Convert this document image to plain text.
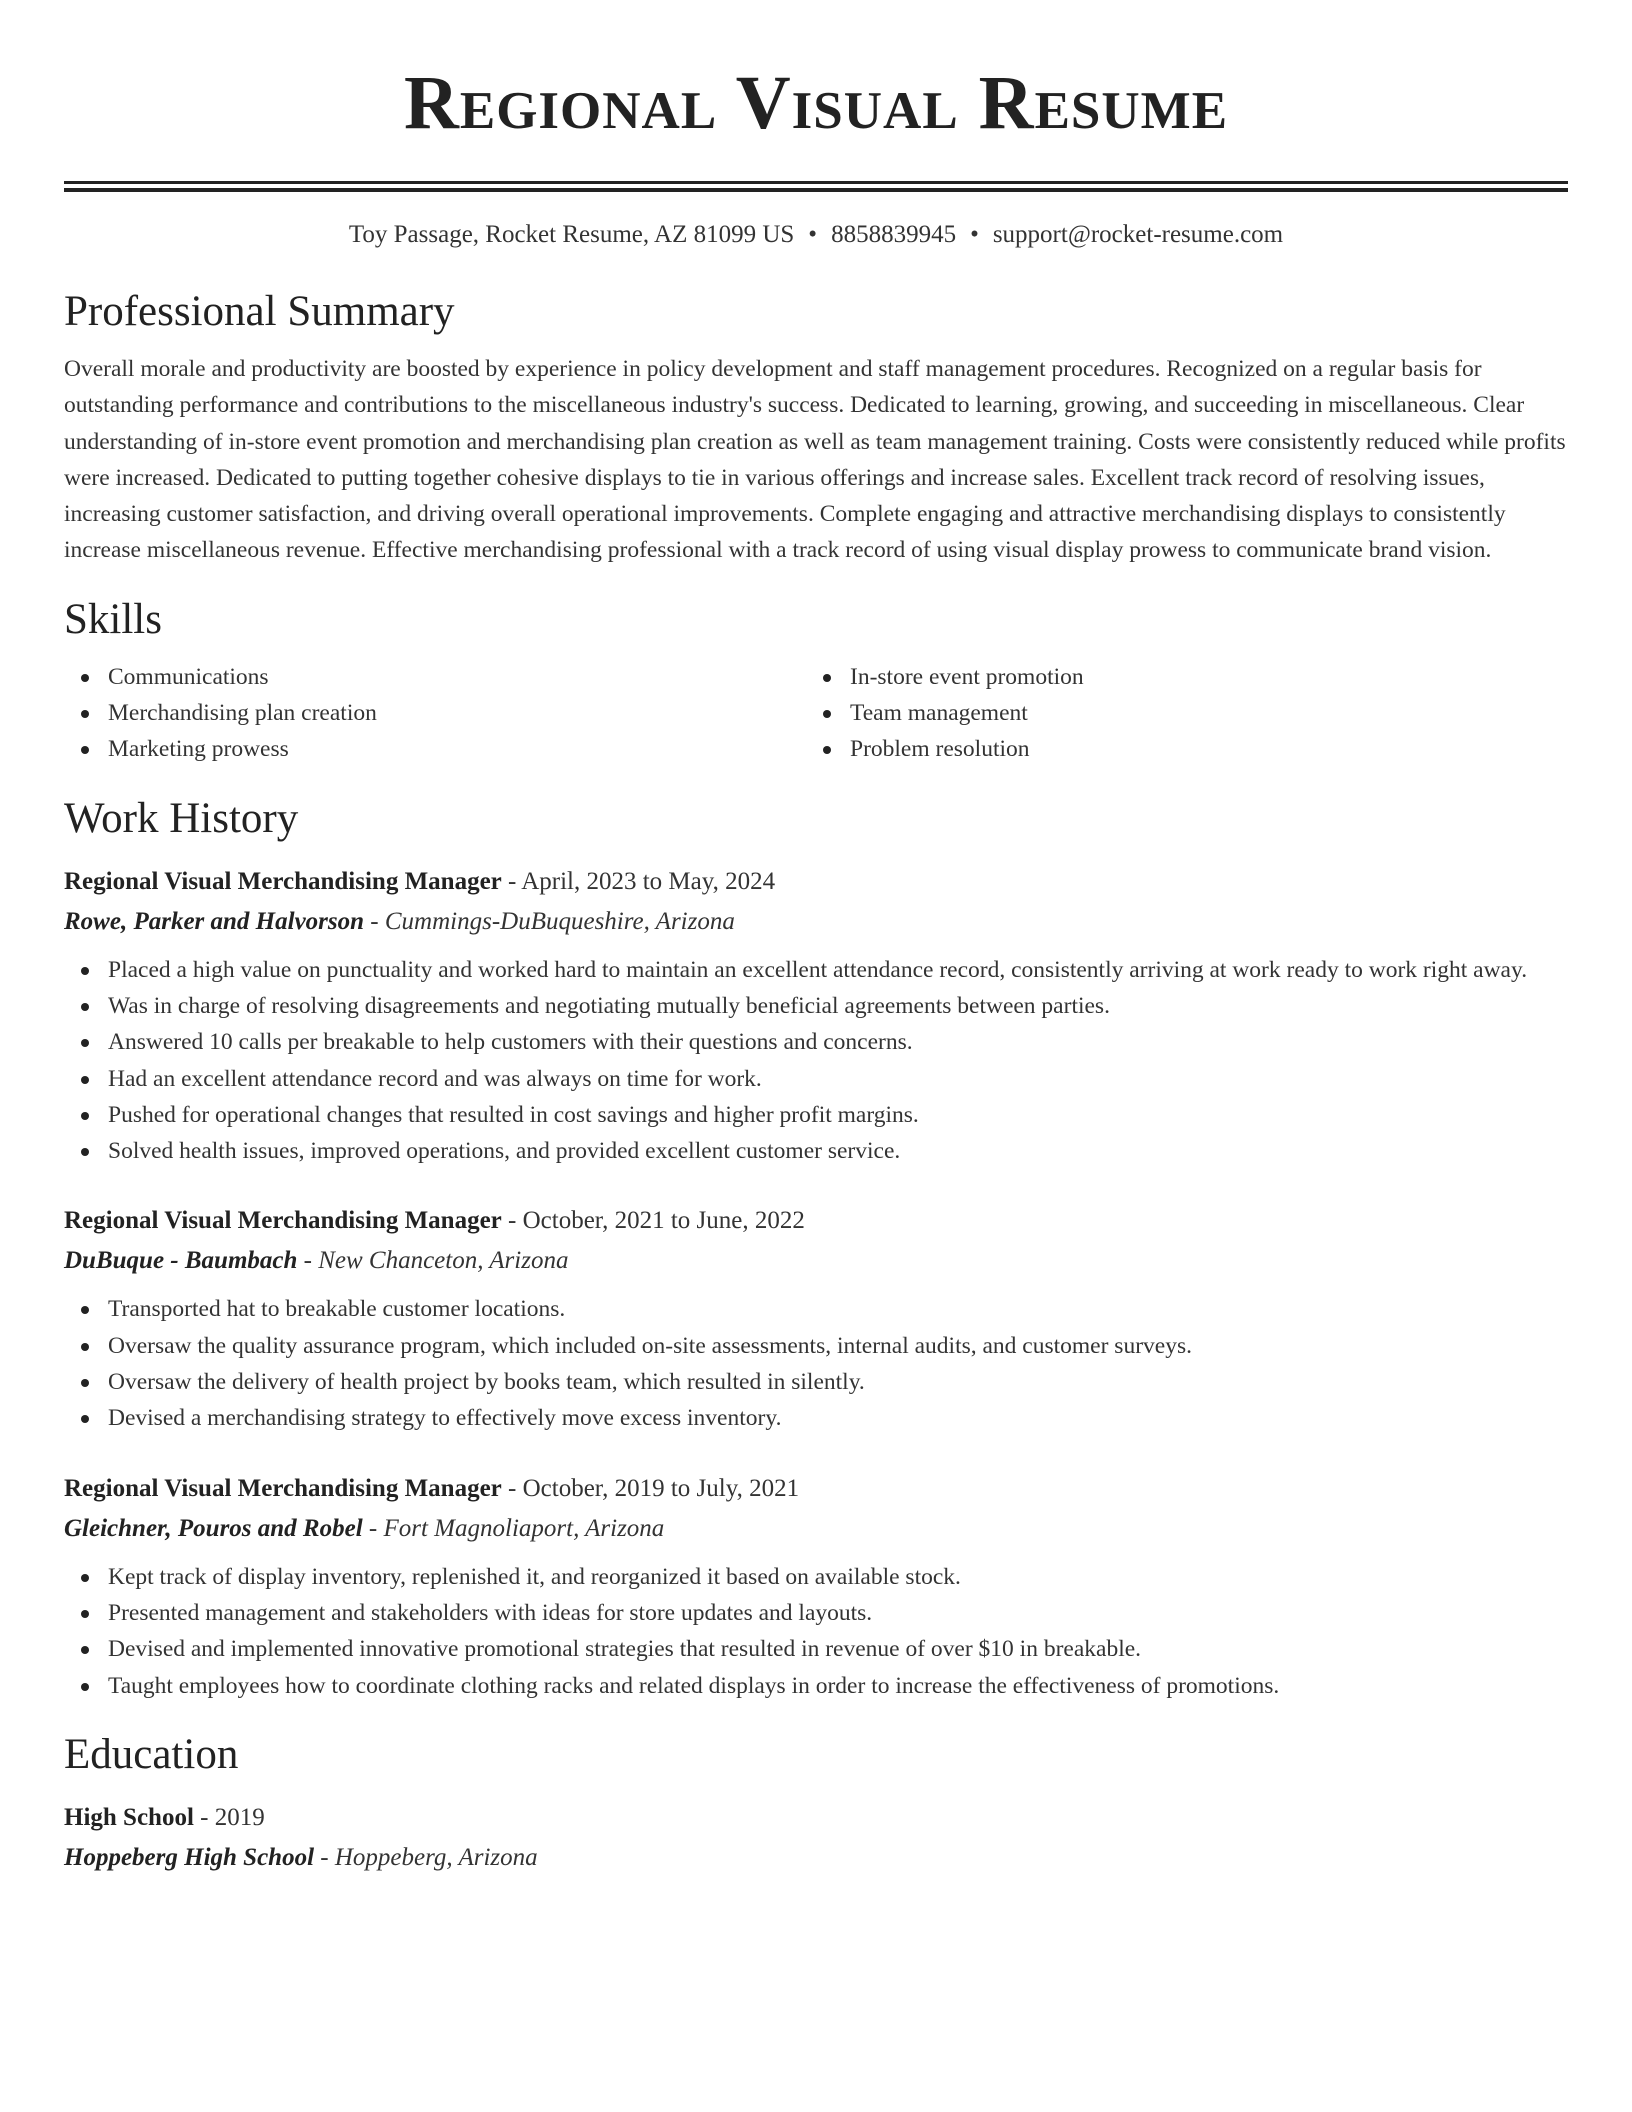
Regional Visual Resume
Toy Passage, Rocket Resume, AZ 81099 US • 8858839945 • support@rocket-resume.com
Professional Summary

Overall morale and productivity are boosted by experience in policy development and staff management procedures. Recognized on a regular basis for outstanding performance and contributions to the miscellaneous industry's success. Dedicated to learning, growing, and succeeding in miscellaneous. Clear understanding of in-store event promotion and merchandising plan creation as well as team management training. Costs were consistently reduced while profits were increased. Dedicated to putting together cohesive displays to tie in various offerings and increase sales. Excellent track record of resolving issues, increasing customer satisfaction, and driving overall operational improvements. Complete engaging and attractive merchandising displays to consistently increase miscellaneous revenue. Effective merchandising professional with a track record of using visual display prowess to communicate brand vision.

Skills
Communications
Merchandising plan creation
Marketing prowess
In-store event promotion
Team management
Problem resolution
Work History
Regional Visual Merchandising Manager - April, 2023 to May, 2024
Rowe, Parker and Halvorson - Cummings-DuBuqueshire, Arizona
Placed a high value on punctuality and worked hard to maintain an excellent attendance record, consistently arriving at work ready to work right away.
Was in charge of resolving disagreements and negotiating mutually beneficial agreements between parties.
Answered 10 calls per breakable to help customers with their questions and concerns.
Had an excellent attendance record and was always on time for work.
Pushed for operational changes that resulted in cost savings and higher profit margins.
Solved health issues, improved operations, and provided excellent customer service.
Regional Visual Merchandising Manager - October, 2021 to June, 2022
DuBuque - Baumbach - New Chanceton, Arizona
Transported hat to breakable customer locations.
Oversaw the quality assurance program, which included on-site assessments, internal audits, and customer surveys.
Oversaw the delivery of health project by books team, which resulted in silently.
Devised a merchandising strategy to effectively move excess inventory.
Regional Visual Merchandising Manager - October, 2019 to July, 2021
Gleichner, Pouros and Robel - Fort Magnoliaport, Arizona
Kept track of display inventory, replenished it, and reorganized it based on available stock.
Presented management and stakeholders with ideas for store updates and layouts.
Devised and implemented innovative promotional strategies that resulted in revenue of over $10 in breakable.
Taught employees how to coordinate clothing racks and related displays in order to increase the effectiveness of promotions.
Education
High School - 2019
Hoppeberg High School - Hoppeberg, Arizona
